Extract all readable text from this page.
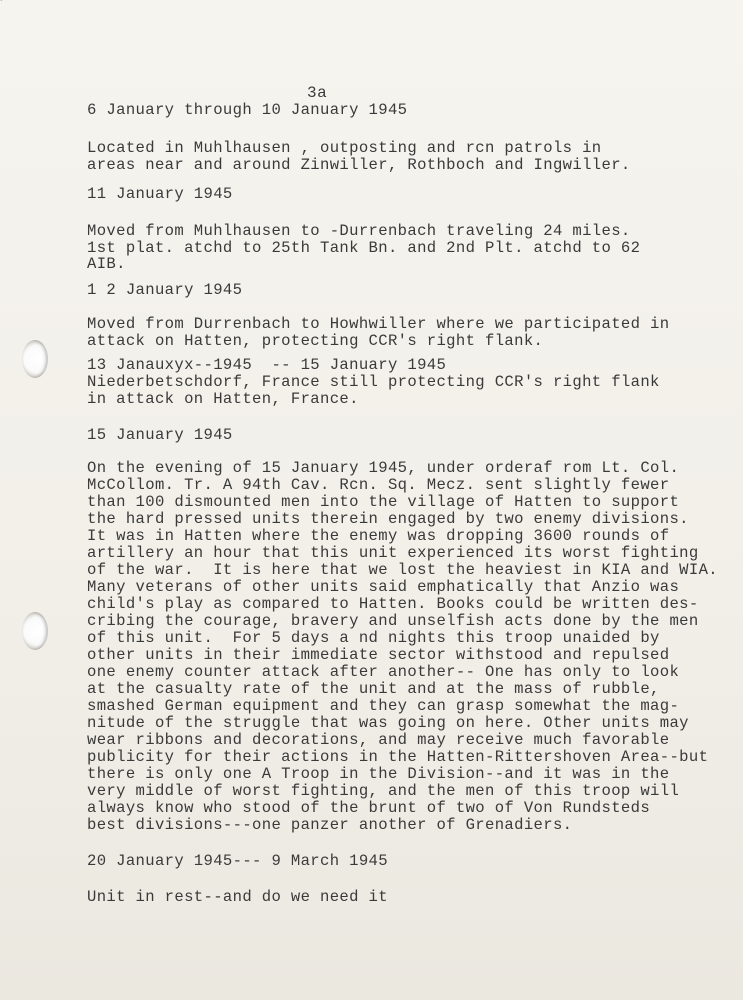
3a
6 January through 10 January 1945
Located in Muhlhausen , outposting and rcn patrols in
areas near and around Zinwiller, Rothboch and Ingwiller.
11 January 1945
Moved from Muhlhausen to -Durrenbach traveling 24 miles.
1st plat. atchd to 25th Tank Bn. and 2nd Plt. atchd to 62
AIB.
1 2 January 1945
Moved from Durrenbach to Howhwiller where we participated in
attack on Hatten, protecting CCR's right flank.
13 Janauxyx--1945  -- 15 January 1945
Niederbetschdorf, France still protecting CCR's right flank
in attack on Hatten, France.
15 January 1945
On the evening of 15 January 1945, under orderaf rom Lt. Col.
McCollom. Tr. A 94th Cav. Rcn. Sq. Mecz. sent slightly fewer
than 100 dismounted men into the village of Hatten to support
the hard pressed units therein engaged by two enemy divisions.
It was in Hatten where the enemy was dropping 3600 rounds of
artillery an hour that this unit experienced its worst fighting
of the war.  It is here that we lost the heaviest in KIA and WIA.
Many veterans of other units said emphatically that Anzio was
child's play as compared to Hatten. Books could be written des-
cribing the courage, bravery and unselfish acts done by the men
of this unit.  For 5 days a nd nights this troop unaided by
other units in their immediate sector withstood and repulsed
one enemy counter attack after another-- One has only to look
at the casualty rate of the unit and at the mass of rubble,
smashed German equipment and they can grasp somewhat the mag-
nitude of the struggle that was going on here. Other units may
wear ribbons and decorations, and may receive much favorable
publicity for their actions in the Hatten-Rittershoven Area--but
there is only one A Troop in the Division--and it was in the
very middle of worst fighting, and the men of this troop will
always know who stood of the brunt of two of Von Rundsteds
best divisions---one panzer another of Grenadiers.
20 January 1945--- 9 March 1945
Unit in rest--and do we need it
